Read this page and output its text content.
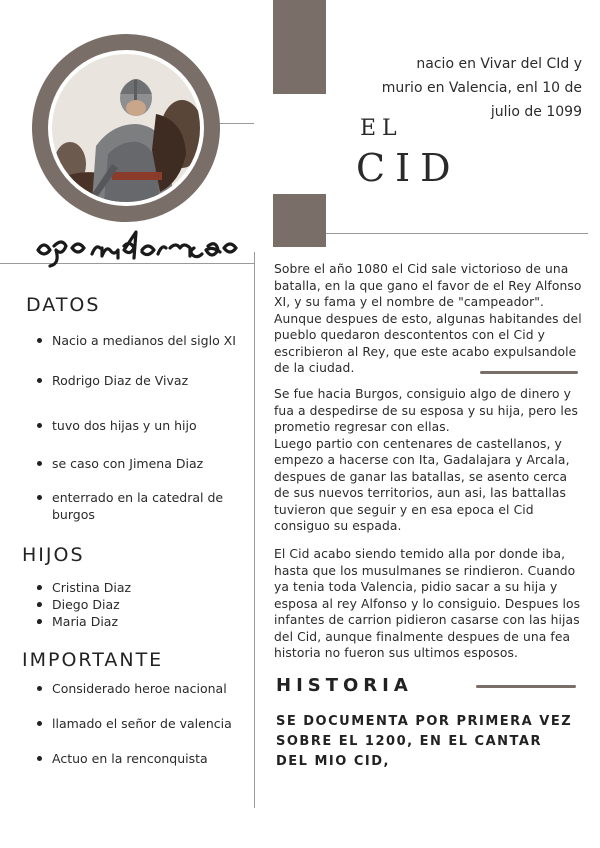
nacio en Vivar del CId y
murio en Valencia, enl 10 de
julio de 1099
EL
CID
DATOS
Nacio a medianos del siglo XI
Rodrigo Diaz de Vivaz
tuvo dos hijas y un hijo
se caso con Jimena Diaz
enterrado en la catedral de burgos
HIJOS
• Cristina Diaz
• Diego Diaz
• Maria Diaz
IMPORTANTE
Considerado heroe nacional
llamado el señor de valencia
Actuo en la renconquista
Sobre el año 1080 el Cid sale victorioso de una batalla, en la que gano el favor de el Rey Alfonso XI, y su fama y el nombre de "campeador". Aunque despues de esto, algunas habitandes del pueblo quedaron descontentos con el Cid y escribieron al Rey, que este acabo expulsandole de la ciudad.
Se fue hacia Burgos, consiguio algo de dinero y fua a despedirse de su esposa y su hija, pero les prometio regresar con ellas.
Luego partio con centenares de castellanos, y empezo a hacerse con Ita, Gadalajara y Arcala, despues de ganar las batallas, se asento cerca de sus nuevos territorios, aun asi, las battallas tuvieron que seguir y en esa epoca el Cid consiguo su espada.
El Cid acabo siendo temido alla por donde iba, hasta que los musulmanes se rindieron. Cuando ya tenia toda Valencia, pidio sacar a su hija y esposa al rey Alfonso y lo consiguio. Despues los infantes de carrion pidieron casarse con las hijas del Cid, aunque finalmente despues de una fea historia no fueron sus ultimos esposos.
HISTORIA
SE DOCUMENTA POR PRIMERA VEZ SOBRE EL 1200, EN EL CANTAR DEL MIO CID,
